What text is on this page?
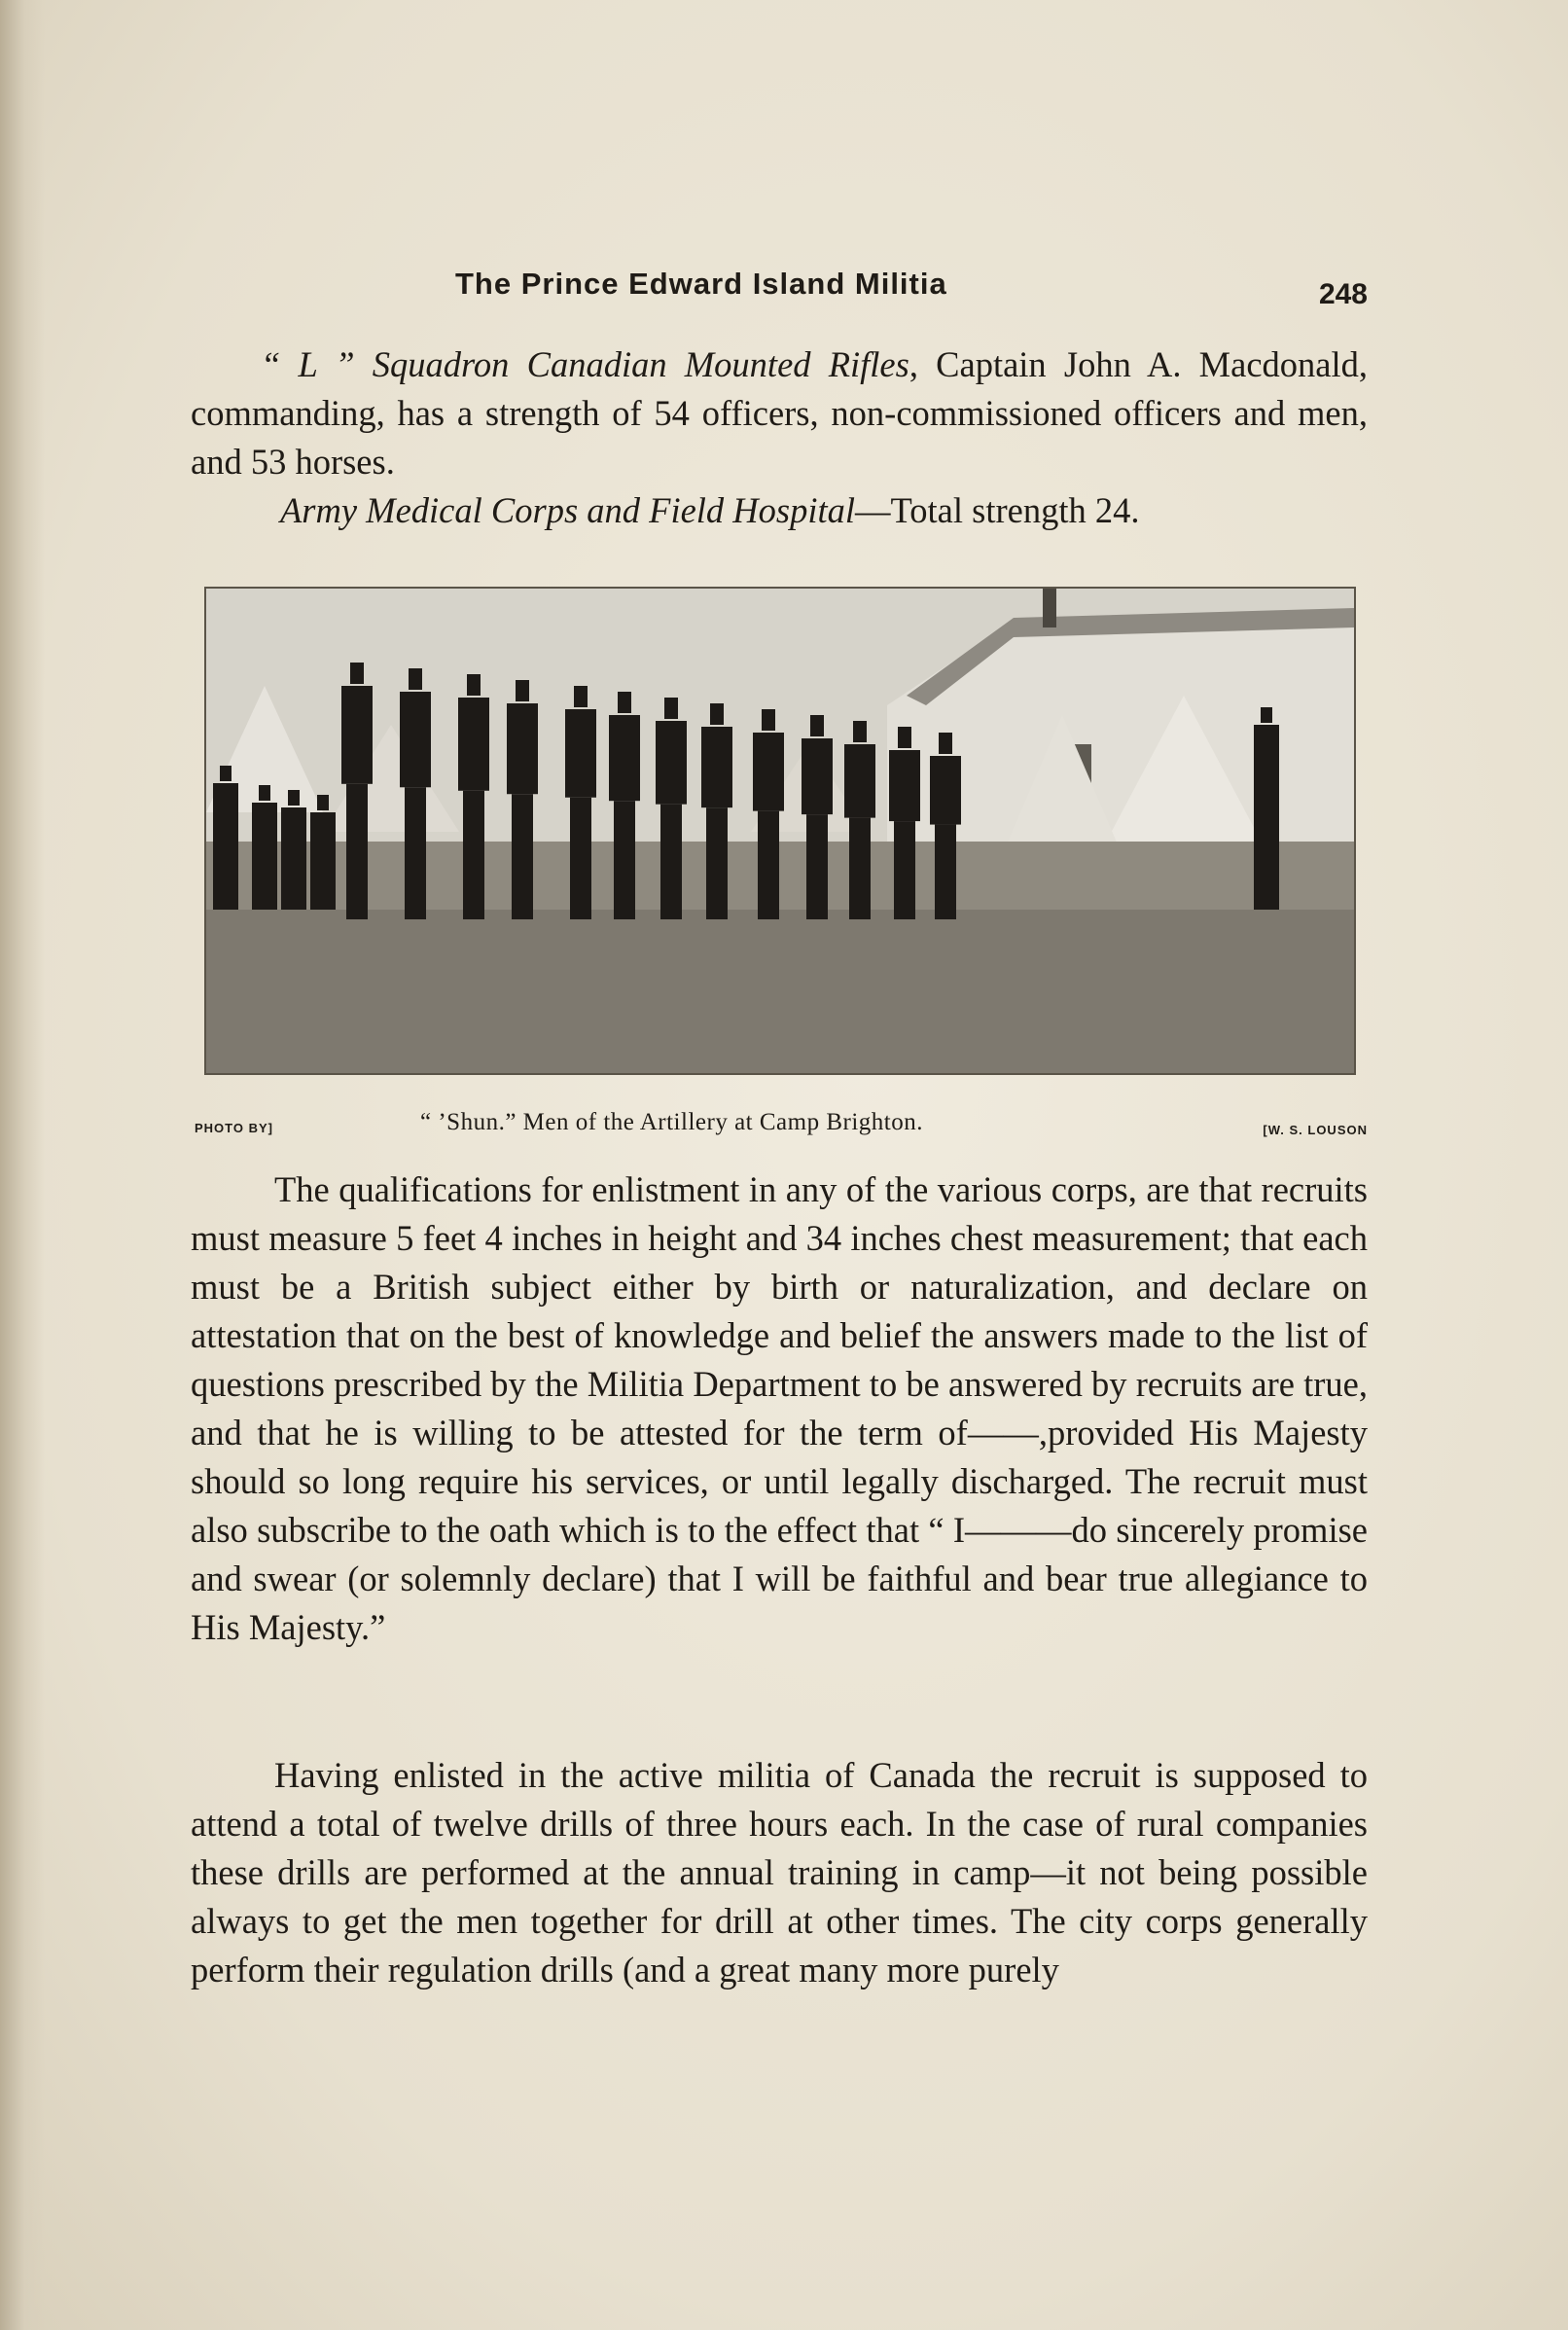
The Prince Edward Island Militia	248

“ L ” Squadron Canadian Mounted Rifles, Captain John A. Macdonald, commanding, has a strength of 54 officers, non-commissioned officers and men, and 53 horses.

Army Medical Corps and Field Hospital—Total strength 24.

PHOTO BY]	“ ’Shun.” Men of the Artillery at Camp Brighton.	[W. S. LOUSON

The qualifications for enlistment in any of the various corps, are that recruits must measure 5 feet 4 inches in height and 34 inches chest measurement; that each must be a British subject either by birth or naturalization, and declare on attestation that on the best of knowledge and belief the answers made to the list of questions prescribed by the Militia Department to be answered by recruits are true, and that he is willing to be attested for the term of——,provided His Majesty should so long require his services, or until legally discharged. The recruit must also subscribe to the oath which is to the effect that “ I———do sincerely promise and swear (or solemnly declare) that I will be faithful and bear true allegiance to His Majesty.”

Having enlisted in the active militia of Canada the recruit is supposed to attend a total of twelve drills of three hours each. In the case of rural companies these drills are performed at the annual training in camp—it not being possible always to get the men together for drill at other times. The city corps generally perform their regulation drills (and a great many more purely
